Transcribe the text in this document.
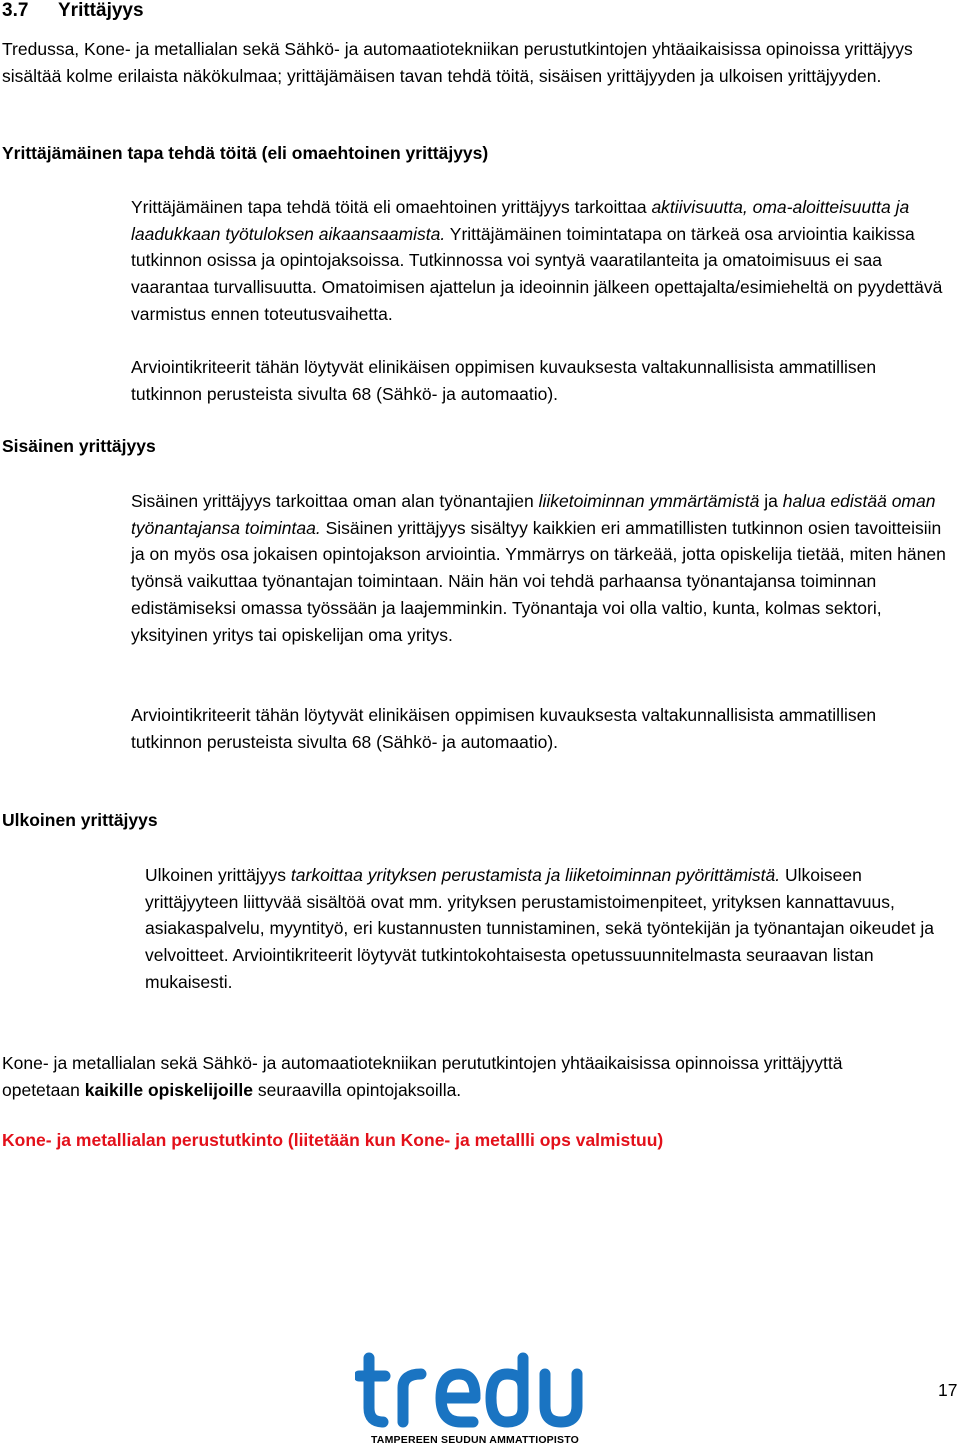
3.7 Yrittäjyys
Tredussa, Kone- ja metallialan sekä Sähkö- ja automaatiotekniikan perustutkintojen yhtäaikaisissa opinoissa yrittäjyys sisältää kolme erilaista näkökulmaa; yrittäjämäisen tavan tehdä töitä, sisäisen yrittäjyyden ja ulkoisen yrittäjyyden.
Yrittäjämäinen tapa tehdä töitä (eli omaehtoinen yrittäjyys)
Yrittäjämäinen tapa tehdä töitä eli omaehtoinen yrittäjyys tarkoittaa aktiivisuutta, oma-aloitteisuutta ja laadukkaan työtuloksen aikaansaamista. Yrittäjämäinen toimintatapa on tärkeä osa arviointia kaikissa tutkinnon osissa ja opintojaksoissa. Tutkinnossa voi syntyä vaaratilanteita ja omatoimisuus ei saa vaarantaa turvallisuutta. Omatoimisen ajattelun ja ideoinnin jälkeen opettajalta/esimieheltä on pyydettävä varmistus ennen toteutusvaihetta.
Arviointikriteerit tähän löytyvät elinikäisen oppimisen kuvauksesta valtakunnallisista ammatillisen tutkinnon perusteista sivulta 68 (Sähkö- ja automaatio).
Sisäinen yrittäjyys
Sisäinen yrittäjyys tarkoittaa oman alan työnantajien liiketoiminnan ymmärtämistä ja halua edistää oman työnantajansa toimintaa. Sisäinen yrittäjyys sisältyy kaikkien eri ammatillisten tutkinnon osien tavoitteisiin ja on myös osa jokaisen opintojakson arviointia. Ymmärrys on tärkeää, jotta opiskelija tietää, miten hänen työnsä vaikuttaa työnantajan toimintaan. Näin hän voi tehdä parhaansa työnantajansa toiminnan edistämiseksi omassa työssään ja laajemminkin. Työnantaja voi olla valtio, kunta, kolmas sektori, yksityinen yritys tai opiskelijan oma yritys.
Arviointikriteerit tähän löytyvät elinikäisen oppimisen kuvauksesta valtakunnallisista ammatillisen tutkinnon perusteista sivulta 68 (Sähkö- ja automaatio).
Ulkoinen yrittäjyys
Ulkoinen yrittäjyys tarkoittaa yrityksen perustamista ja liiketoiminnan pyörittämistä. Ulkoiseen yrittäjyyteen liittyvää sisältöä ovat mm. yrityksen perustamistoimenpiteet, yrityksen kannattavuus, asiakaspalvelu, myyntityö, eri kustannusten tunnistaminen, sekä työntekijän ja työnantajan oikeudet ja velvoitteet. Arviointikriteerit löytyvät tutkintokohtaisesta opetussuunnitelmasta seuraavan listan mukaisesti.
Kone- ja metallialan sekä Sähkö- ja automaatiotekniikan perututkintojen yhtäaikaisissa opinnoissa yrittäjyyttä opetetaan kaikille opiskelijoille seuraavilla opintojaksoilla.
Kone- ja metallialan perustutkinto (liitetään kun Kone- ja metallli ops valmistuu)
TAMPEREEN SEUDUN AMMATTIOPISTO
17
